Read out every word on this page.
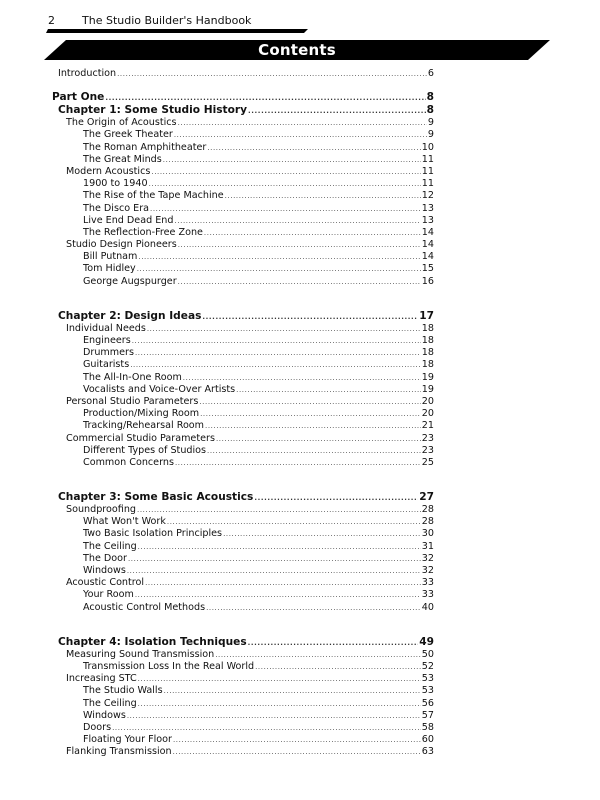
2 The Studio Builder's Handbook
Contents
Introduction .....	6
Part One .....	8
Chapter 1: Some Studio History .....	8
The Origin of Acoustics .....	9
The Greek Theater .....	9
The Roman Amphitheater .....	10
The Great Minds .....	11
Modern Acoustics .....	11
1900 to 1940 .....	11
The Rise of the Tape Machine .....	12
The Disco Era .....	13
Live End Dead End .....	13
The Reflection-Free Zone .....	14
Studio Design Pioneers .....	14
Bill Putnam .....	14
Tom Hidley .....	15
George Augspurger .....	16
Chapter 2: Design Ideas .....	17
Individual Needs .....	18
Engineers .....	18
Drummers .....	18
Guitarists .....	18
The All-In-One Room .....	19
Vocalists and Voice-Over Artists .....	19
Personal Studio Parameters .....	20
Production/Mixing Room .....	20
Tracking/Rehearsal Room .....	21
Commercial Studio Parameters .....	23
Different Types of Studios .....	23
Common Concerns .....	25
Chapter 3: Some Basic Acoustics .....	27
Soundproofing .....	28
What Won't Work .....	28
Two Basic Isolation Principles .....	30
The Ceiling .....	31
The Door .....	32
Windows .....	32
Acoustic Control .....	33
Your Room .....	33
Acoustic Control Methods .....	40
Chapter 4: Isolation Techniques .....	49
Measuring Sound Transmission .....	50
Transmission Loss In the Real World .....	52
Increasing STC .....	53
The Studio Walls .....	53
The Ceiling .....	56
Windows .....	57
Doors .....	58
Floating Your Floor .....	60
Flanking Transmission .....	63
